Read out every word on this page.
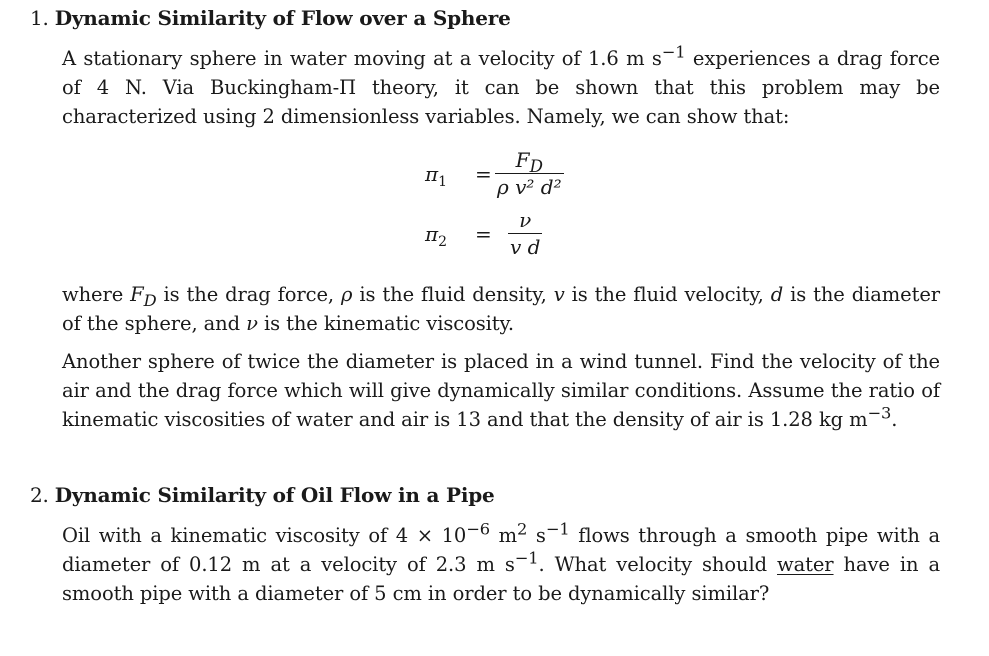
1. Dynamic Similarity of Flow over a Sphere

A stationary sphere in water moving at a velocity of 1.6 m $s^{-1}$ experiences a drag force of 4 N. Via Buckingham-Π theory, it can be shown that this problem may be characterized using 2 dimensionless variables. Namely, we can show that:

$\pi_1$ =
$F_D$
ρ v² d²
$\pi_2$ =
ν
v d

where $F_D$ is the drag force, ρ is the fluid density, v is the fluid velocity, d is the diameter of the sphere, and ν is the kinematic viscosity.

Another sphere of twice the diameter is placed in a wind tunnel. Find the velocity of the air and the drag force which will give dynamically similar conditions. Assume the ratio of kinematic viscosities of water and air is 13 and that the density of air is 1.28 kg $m^{-3}$.

2. Dynamic Similarity of Oil Flow in a Pipe

Oil with a kinematic viscosity of $4 \times 10^{-6}$ $m^2$ $s^{-1}$ flows through a smooth pipe with a diameter of 0.12 m at a velocity of 2.3 m $s^{-1}$. What velocity should water have in a smooth pipe with a diameter of 5 cm in order to be dynamically similar?
